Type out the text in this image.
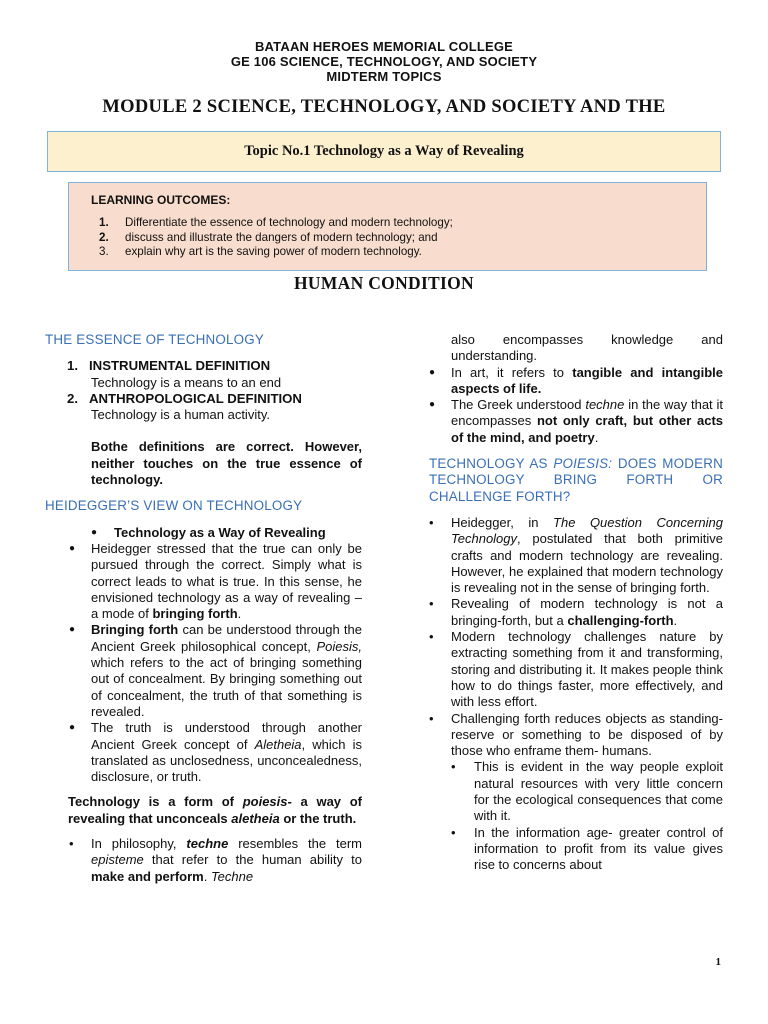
BATAAN HEROES MEMORIAL COLLEGE
GE 106 SCIENCE, TECHNOLOGY, AND SOCIETY
MIDTERM TOPICS
MODULE 2 SCIENCE, TECHNOLOGY, AND SOCIETY AND THE
Topic No.1 Technology as a Way of Revealing
LEARNING OUTCOMES:
1.	Differentiate the essence of technology and modern technology;
2.	discuss and illustrate the dangers of modern technology; and
3.	explain why art is the saving power of modern technology.
HUMAN CONDITION
THE ESSENCE OF TECHNOLOGY
1. INSTRUMENTAL DEFINITION
Technology is a means to an end
2. ANTHROPOLOGICAL DEFINITION
Technology is a human activity.
Bothe definitions are correct. However, neither touches on the true essence of technology.
HEIDEGGER’S VIEW ON TECHNOLOGY
● Technology as a Way of Revealing
● Heidegger stressed that the true can only be pursued through the correct. Simply what is correct leads to what is true. In this sense, he envisioned technology as a way of revealing – a mode of bringing forth.
● Bringing forth can be understood through the Ancient Greek philosophical concept, Poiesis, which refers to the act of bringing something out of concealment. By bringing something out of concealment, the truth of that something is revealed.
● The truth is understood through another Ancient Greek concept of Aletheia, which is translated as unclosedness, unconcealedness, disclosure, or truth.
Technology is a form of poiesis- a way of revealing that unconceals aletheia or the truth.
• In philosophy, techne resembles the term episteme that refer to the human ability to make and perform. Techne
also encompasses knowledge and understanding.
● In art, it refers to tangible and intangible aspects of life.
● The Greek understood techne in the way that it encompasses not only craft, but other acts of the mind, and poetry.
TECHNOLOGY AS POIESIS: DOES MODERN TECHNOLOGY BRING FORTH OR CHALLENGE FORTH?
• Heidegger, in The Question Concerning Technology, postulated that both primitive crafts and modern technology are revealing. However, he explained that modern technology is revealing not in the sense of bringing forth.
• Revealing of modern technology is not a bringing-forth, but a challenging-forth.
• Modern technology challenges nature by extracting something from it and transforming, storing and distributing it. It makes people think how to do things faster, more effectively, and with less effort.
• Challenging forth reduces objects as standing-reserve or something to be disposed of by those who enframe them- humans.
• This is evident in the way people exploit natural resources with very little concern for the ecological consequences that come with it.
• In the information age- greater control of information to profit from its value gives rise to concerns about
1
